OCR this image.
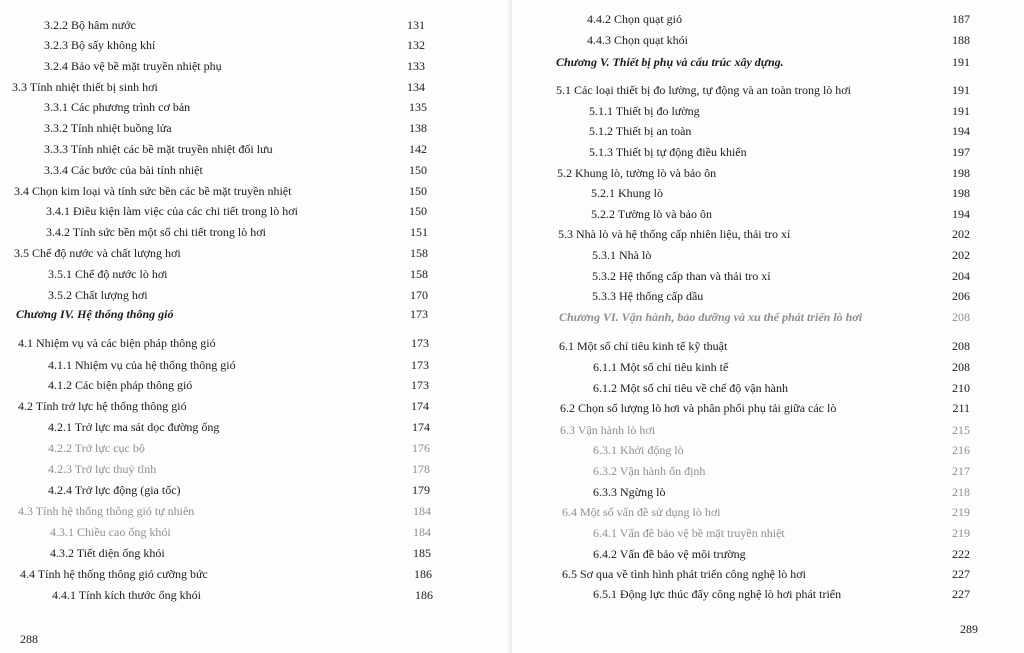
3.2.2 Bộ hâm nước	131
3.2.3 Bộ sấy không khí	132
3.2.4 Bảo vệ bề mặt truyền nhiệt phụ	133
3.3 Tính nhiệt thiết bị sinh hơi	134
3.3.1 Các phương trình cơ bản	135
3.3.2 Tính nhiệt buồng lửa	138
3.3.3 Tính nhiệt các bề mặt truyền nhiệt đối lưu	142
3.3.4 Các bước của bài tính nhiệt	150
3.4 Chọn kim loại và tính sức bền các bề mặt truyền nhiệt	150
3.4.1 Điều kiện làm việc của các chi tiết trong lò hơi	150
3.4.2 Tính sức bền một số chi tiết trong lò hơi	151
3.5 Chế độ nước và chất lượng hơi	158
3.5.1 Chế độ nước lò hơi	158
3.5.2 Chất lượng hơi	170
Chương IV. Hệ thống thông gió	173
4.1 Nhiệm vụ và các biện pháp thông gió	173
4.1.1 Nhiệm vụ của hệ thống thông gió	173
4.1.2 Các biện pháp thông gió	173
4.2 Tính trở lực hệ thống thông gió	174
4.2.1 Trở lực ma sát dọc đường ống	174
4.2.2 Trở lực cục bộ	176
4.2.3 Trở lực thuỷ tĩnh	178
4.2.4 Trở lực động (gia tốc)	179
4.3 Tính hệ thống thông gió tự nhiên	184
4.3.1 Chiều cao ống khói	184
4.3.2 Tiết diện ống khói	185
4.4 Tính hệ thống thông gió cưỡng bức	186
4.4.1 Tính kích thước ống khói	186
288
4.4.2 Chọn quạt gió	187
4.4.3 Chọn quạt khói	188
Chương V. Thiết bị phụ và cấu trúc xây dựng.	191
5.1 Các loại thiết bị đo lường, tự động và an toàn trong lò hơi	191
5.1.1 Thiết bị đo lường	191
5.1.2 Thiết bị an toàn	194
5.1.3 Thiết bị tự động điều khiển	197
5.2 Khung lò, tường lò và bảo ôn	198
5.2.1 Khung lò	198
5.2.2 Tường lò và bảo ôn	194
5.3 Nhà lò và hệ thống cấp nhiên liệu, thải tro xỉ	202
5.3.1 Nhà lò	202
5.3.2 Hệ thống cấp than và thải tro xỉ	204
5.3.3 Hệ thống cấp dầu	206
Chương VI. Vận hành, bảo dưỡng và xu thế phát triển lò hơi	208
6.1 Một số chỉ tiêu kinh tế kỹ thuật	208
6.1.1 Một số chỉ tiêu kinh tế	208
6.1.2 Một số chỉ tiêu về chế độ vận hành	210
6.2 Chọn số lượng lò hơi và phân phối phụ tải giữa các lò	211
6.3 Vận hành lò hơi	215
6.3.1 Khởi động lò	216
6.3.2 Vận hành ổn định	217
6.3.3 Ngừng lò	218
6.4 Một số vấn đề sử dụng lò hơi	219
6.4.1 Vấn đề bảo vệ bề mặt truyền nhiệt	219
6.4.2 Vấn đề bảo vệ môi trường	222
6.5 Sơ qua về tình hình phát triển công nghệ lò hơi	227
6.5.1 Động lực thúc đẩy công nghệ lò hơi phát triển	227
289
